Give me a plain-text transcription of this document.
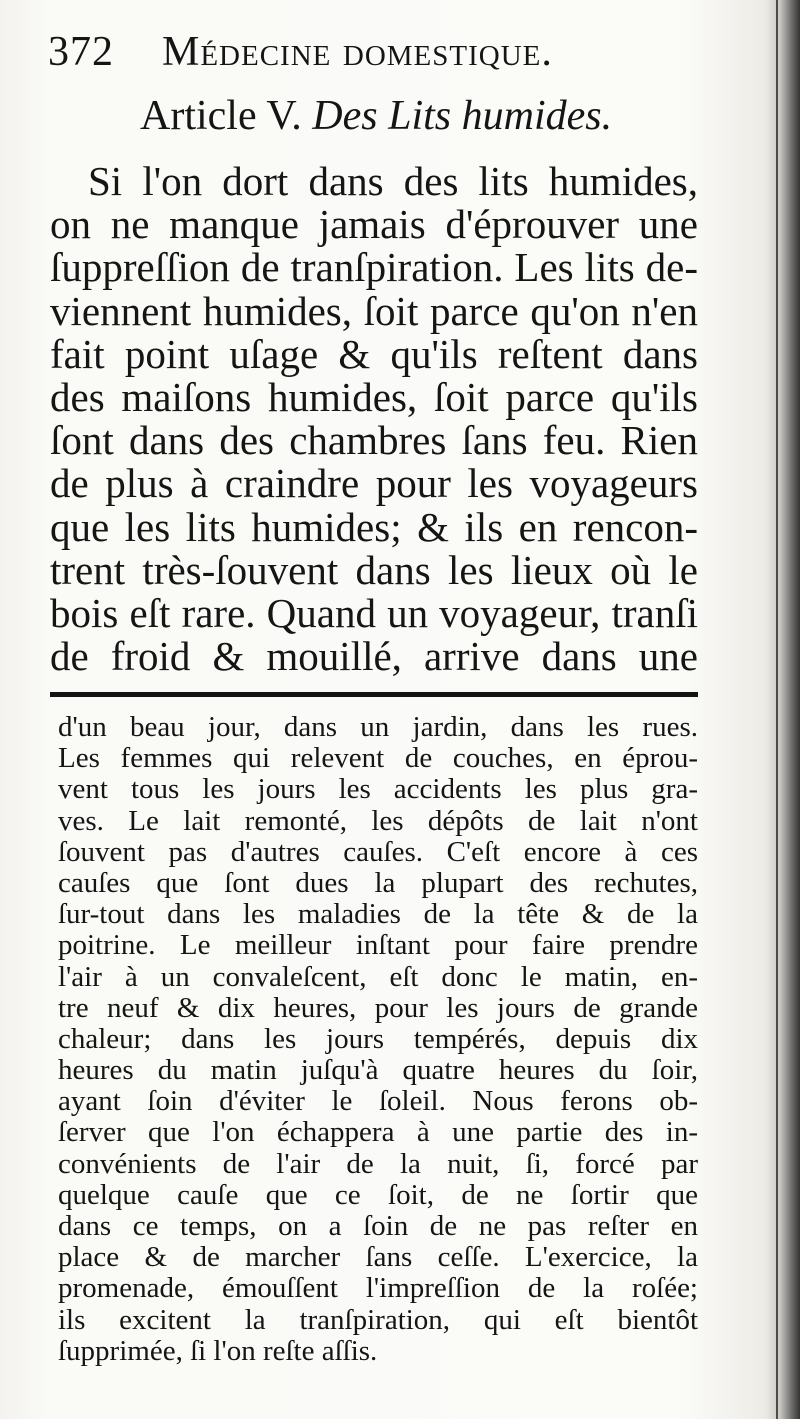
372 Médecine domestique.
Article V. Des Lits humides.
Si l'on dort dans des lits humides,
on ne manque jamais d'éprouver une
ſuppreſſion de tranſpiration. Les lits de-
viennent humides, ſoit parce qu'on n'en
fait point uſage & qu'ils reſtent dans
des maiſons humides, ſoit parce qu'ils
ſont dans des chambres ſans feu. Rien
de plus à craindre pour les voyageurs
que les lits humides; & ils en rencon-
trent très-ſouvent dans les lieux où le
bois eſt rare. Quand un voyageur, tranſi
de froid & mouillé, arrive dans une
d'un beau jour, dans un jardin, dans les rues.
Les femmes qui relevent de couches, en éprou-
vent tous les jours les accidents les plus gra-
ves. Le lait remonté, les dépôts de lait n'ont
ſouvent pas d'autres cauſes. C'eſt encore à ces
cauſes que ſont dues la plupart des rechutes,
ſur-tout dans les maladies de la tête & de la
poitrine. Le meilleur inſtant pour faire prendre
l'air à un convaleſcent, eſt donc le matin, en-
tre neuf & dix heures, pour les jours de grande
chaleur; dans les jours tempérés, depuis dix
heures du matin juſqu'à quatre heures du ſoir,
ayant ſoin d'éviter le ſoleil. Nous ferons ob-
ſerver que l'on échappera à une partie des in-
convénients de l'air de la nuit, ſi, forcé par
quelque cauſe que ce ſoit, de ne ſortir que
dans ce temps, on a ſoin de ne pas reſter en
place & de marcher ſans ceſſe. L'exercice, la
promenade, émouſſent l'impreſſion de la roſée;
ils excitent la tranſpiration, qui eſt bientôt
ſupprimée, ſi l'on reſte aſſis.
